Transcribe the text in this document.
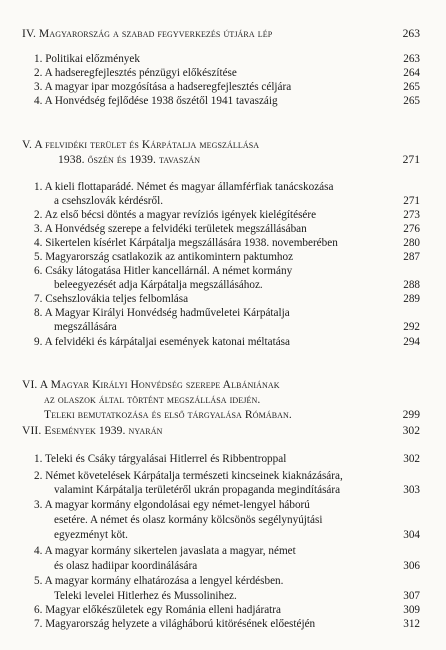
IV. Magyarország a szabad fegyverkezés útjára lép	263
1. Politikai előzmények	263
2. A hadseregfejlesztés pénzügyi előkészítése	264
3. A magyar ipar mozgósítása a hadseregfejlesztés céljára	265
4. A Honvédség fejlődése 1938 őszétől 1941 tavaszáig	265
V. A felvidéki terület és Kárpátalja megszállása
1938. őszén és 1939. tavaszán	271
1. A kieli flottaparádé. Német és magyar államférfiak tanácskozása
a csehszlovák kérdésről.	271
2. Az első bécsi döntés a magyar revíziós igények kielégítésére	273
3. A Honvédség szerepe a felvidéki területek megszállásában	276
4. Sikertelen kísérlet Kárpátalja megszállására 1938. novemberében	280
5. Magyarország csatlakozik az antikomintern paktumhoz	287
6. Csáky látogatása Hitler kancellárnál. A német kormány
beleegyezését adja Kárpátalja megszállásához.	288
7. Csehszlovákia teljes felbomlása	289
8. A Magyar Királyi Honvédség hadműveletei Kárpátalja
megszállására	292
9. A felvidéki és kárpátaljai események katonai méltatása	294
VI. A Magyar Királyi Honvédség szerepe Albániának
az olaszok által történt megszállása idején.
Teleki bemutatkozása és első tárgyalása Rómában.	299
VII. Események 1939. nyarán	302
1. Teleki és Csáky tárgyalásai Hitlerrel és Ribbentroppal	302
2. Német követelések Kárpátalja természeti kincseinek kiaknázására,
valamint Kárpátalja területéről ukrán propaganda megindítására	303
3. A magyar kormány elgondolásai egy német-lengyel háború
esetére. A német és olasz kormány kölcsönös segélynyújtási
egyezményt köt.	304
4. A magyar kormány sikertelen javaslata a magyar, német
és olasz hadiipar koordinálására	306
5. A magyar kormány elhatározása a lengyel kérdésben.
Teleki levelei Hitlerhez és Mussolinihez.	307
6. Magyar előkészületek egy Románia elleni hadjáratra	309
7. Magyarország helyzete a világháború kitörésének előestéjén	312
